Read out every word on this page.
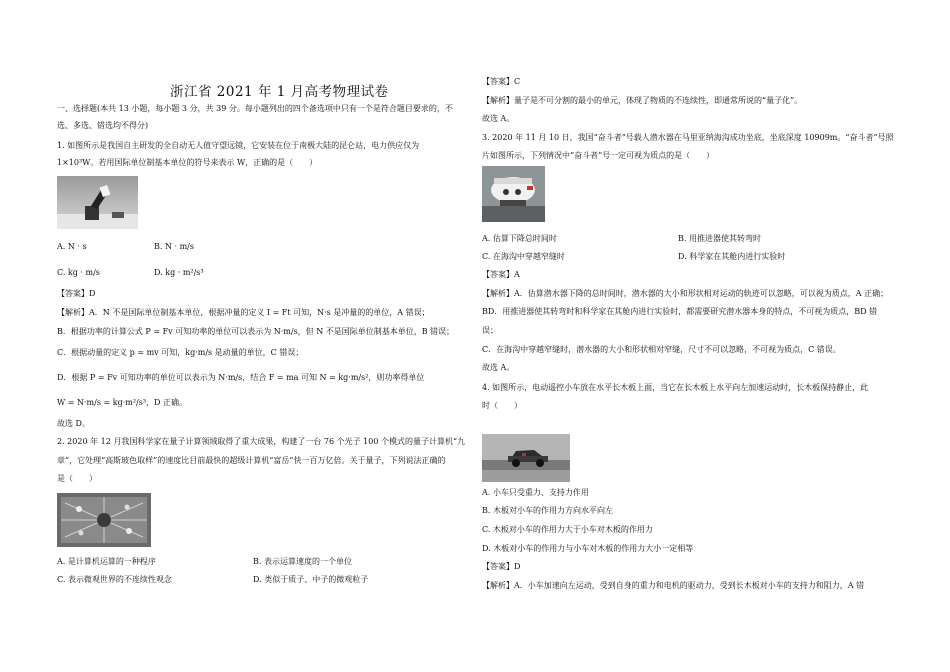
浙江省 2021 年 1 月高考物理试卷
一、选择题(本共 13 小题，每小题 3 分，共 39 分。每小题列出的四个备选项中只有一个是符合题目要求的，不
选、多选、错选均不得分)
1. 如图所示是我国自主研发的全自动无人值守望远镜，它安装在位于南极大陆的昆仑站，电力供应仅为
1×10³W。若用国际单位制基本单位的符号来表示 W，正确的是（　　）
A. N · s	B. N · m/s
C. kg · m/s	D. kg · m²/s³
【答案】D
【解析】A．N 不是国际单位制基本单位，根据冲量的定义 I = Ft 可知，N·s 是冲量的的单位，A 错误；
B．根据功率的计算公式 P = Fv 可知功率的单位可以表示为 N·m/s，但 N 不是国际单位制基本单位，B 错误；
C．根据动量的定义 p = mv 可知，kg·m/s 是动量的单位，C 错误；
D．根据 P = Fv 可知功率的单位可以表示为 N·m/s，结合 F = ma 可知 N = kg·m/s²，则功率得单位
W = N·m/s = kg·m²/s³，D 正确。
故选 D。
2. 2020 年 12 月我国科学家在量子计算领域取得了重大成果，构建了一台 76 个光子 100 个模式的量子计算机“九
章”，它处理“高斯玻色取样”的速度比目前最快的超级计算机“富岳”快一百万亿倍。关于量子，下列说法正确的
是（　　）
A. 是计算机运算的一种程序	B. 表示运算速度的一个单位
C. 表示微观世界的不连续性观念	D. 类似于质子、中子的微观粒子
【答案】C
【解析】量子是不可分割的最小的单元，体现了物质的不连续性，即通常所说的“量子化”。
故选 A。
3. 2020 年 11 月 10 日，我国“奋斗者”号载人潜水器在马里亚纳海沟成功坐底，坐底深度 10909m。“奋斗者”号照
片如图所示，下列情况中“奋斗者”号一定可视为质点的是（　　）
A. 估算下降总时间时	B. 用推进器使其转弯时
C. 在海沟中穿越窄缝时	D. 科学家在其舱内进行实验时
【答案】A
【解析】A．估算潜水器下降的总时间时，潜水器的大小和形状相对运动的轨迹可以忽略，可以视为质点，A 正确；
BD．用推进器使其转弯时和科学家在其舱内进行实验时，都需要研究潜水器本身的特点，不可视为质点，BD 错
误；
C．在海沟中穿越窄缝时，潜水器的大小和形状相对窄缝，尺寸不可以忽略，不可视为质点，C 错误。
故选 A。
4. 如图所示，电动遥控小车放在水平长木板上面，当它在长木板上水平向左加速运动时，长木板保持静止，此
时（　　）
A. 小车只受重力、支持力作用
B. 木板对小车的作用力方向水平向左
C. 木板对小车的作用力大于小车对木板的作用力
D. 木板对小车的作用力与小车对木板的作用力大小一定相等
【答案】D
【解析】A．小车加速向左运动，受到自身的重力和电机的驱动力，受到长木板对小车的支持力和阻力，A 错
